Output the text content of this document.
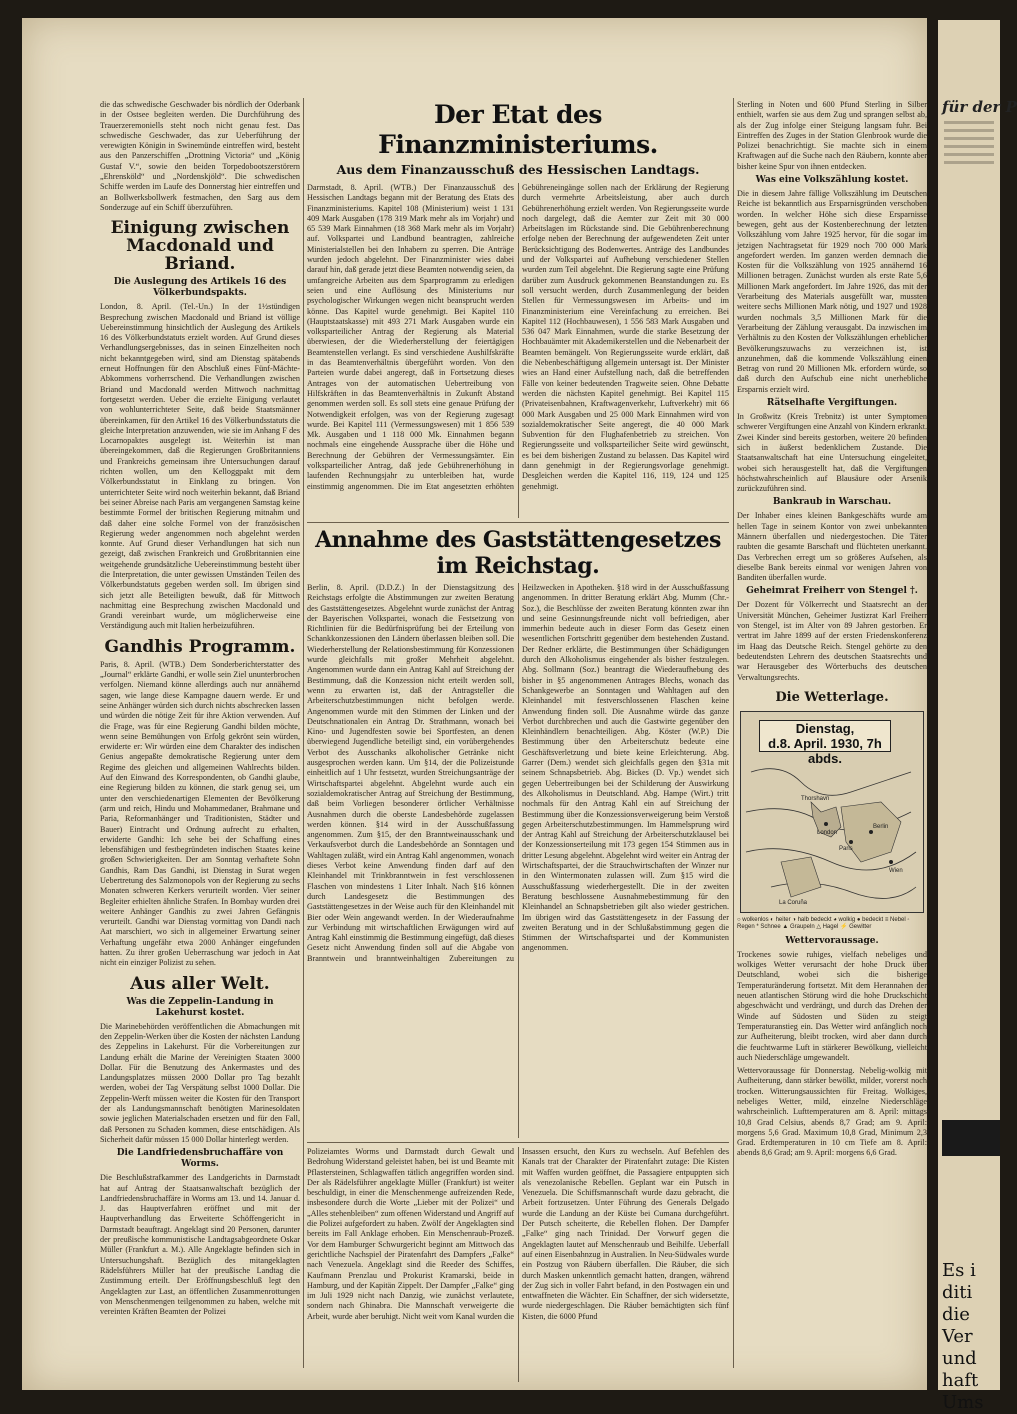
die das schwedische Geschwader bis nördlich der Oderbank in der Ostsee begleiten werden. Die Durchführung des Trauerzeremoniells steht noch nicht genau fest. Das schwedische Geschwader, das zur Ueberführung der verewigten Königin in Swinemünde eintreffen wird, besteht aus den Panzerschiffen „Drottning Victoria“ und „König Gustaf V.“, sowie den beiden Torpedobootszerstörern „Ehrensköld“ und „Nordenskjöld“. Die schwedischen Schiffe werden im Laufe des Donnerstag hier eintreffen und an Bollwerksbollwerk festmachen, den Sarg aus dem Sonderzuge auf ein Schiff überzuführen.

Einigung zwischen Macdonald und Briand.
Die Auslegung des Artikels 16 des Völkerbundspakts.

London, 8. April. (Tel.-Un.) In der 1½stündigen Besprechung zwischen Macdonald und Briand ist völlige Uebereinstimmung hinsichtlich der Auslegung des Artikels 16 des Völkerbundstatuts erzielt worden. Auf Grund dieses Verhandlungsergebnisses, das in seinen Einzelheiten noch nicht bekanntgegeben wird, sind am Dienstag spätabends erneut Hoffnungen für den Abschluß eines Fünf-Mächte-Abkommens vorherrschend. Die Verhandlungen zwischen Briand und Macdonald werden Mittwoch nachmittag fortgesetzt werden. Ueber die erzielte Einigung verlautet von wohlunterrichteter Seite, daß beide Staatsmänner übereinkamen, für den Artikel 16 des Völkerbundsstatuts die gleiche Interpretation anzuwenden, wie sie im Anhang F des Locarnopaktes ausgelegt ist. Weiterhin ist man übereingekommen, daß die Regierungen Großbritanniens und Frankreichs gemeinsam ihre Untersuchungen darauf richten wollen, um den Kelloggpakt mit dem Völkerbundsstatut in Einklang zu bringen. Von unterrichteter Seite wird noch weiterhin bekannt, daß Briand bei seiner Abreise nach Paris am vergangenen Samstag keine bestimmte Formel der britischen Regierung mitnahm und daß daher eine solche Formel von der französischen Regierung weder angenommen noch abgelehnt werden konnte. Auf Grund dieser Verhandlungen hat sich nun gezeigt, daß zwischen Frankreich und Großbritannien eine weitgehende grundsätzliche Uebereinstimmung besteht über die Interpretation, die unter gewissen Umständen Teilen des Völkerbundstatuts gegeben werden soll. Im übrigen sind sich jetzt alle Beteiligten bewußt, daß für Mittwoch nachmittag eine Besprechung zwischen Macdonald und Grandi vereinbart wurde, um möglicherweise eine Verständigung auch mit Italien herbeizuführen.

Gandhis Programm.

Paris, 8. April. (WTB.) Dem Sonderberichterstatter des „Journal“ erklärte Gandhi, er wolle sein Ziel ununterbrochen verfolgen. Niemand könne allerdings auch nur annähernd sagen, wie lange diese Kampagne dauern werde. Er und seine Anhänger würden sich durch nichts abschrecken lassen und würden die nötige Zeit für ihre Aktion verwenden. Auf die Frage, was für eine Regierung Gandhi bilden möchte, wenn seine Bemühungen von Erfolg gekrönt sein würden, erwiderte er: Wir würden eine dem Charakter des indischen Genius angepaßte demokratische Regierung unter dem Regime des gleichen und allgemeinen Wahlrechts bilden. Auf den Einwand des Korrespondenten, ob Gandhi glaube, eine Regierung bilden zu können, die stark genug sei, um unter den verschiedenartigen Elementen der Bevölkerung (arm und reich, Hindu und Mohammedaner, Brahmane und Paria, Reformanhänger und Traditionisten, Städter und Bauer) Eintracht und Ordnung aufrecht zu erhalten, erwiderte Gandhi: Ich sehe bei der Schaffung eines lebensfähigen und festbegründeten indischen Staates keine großen Schwierigkeiten. Der am Sonntag verhaftete Sohn Gandhis, Ram Das Gandhi, ist Dienstag in Surat wegen Uebertretung des Salzmonopols von der Regierung zu sechs Monaten schweren Kerkers verurteilt worden. Vier seiner Begleiter erhielten ähnliche Strafen. In Bombay wurden drei weitere Anhänger Gandhis zu zwei Jahren Gefängnis verurteilt. Gandhi war Dienstag vormittag von Dandi nach Aat marschiert, wo sich in allgemeiner Erwartung seiner Verhaftung ungefähr etwa 2000 Anhänger eingefunden hatten. Zu ihrer großen Ueberraschung war jedoch in Aat nicht ein einziger Polizist zu sehen.

Aus aller Welt.
Was die Zeppelin-Landung in Lakehurst kostet.

Die Marinebehörden veröffentlichen die Abmachungen mit den Zeppelin-Werken über die Kosten der nächsten Landung des Zeppelins in Lakehurst. Für die Vorbereitungen zur Landung erhält die Marine der Vereinigten Staaten 3000 Dollar. Für die Benutzung des Ankermastes und des Landungsplatzes müssen 2000 Dollar pro Tag bezahlt werden, wobei der Tag Verspätung selbst 1000 Dollar. Die Zeppelin-Werft müssen weiter die Kosten für den Transport der als Landungsmannschaft benötigten Marinesoldaten sowie jeglichen Materialschaden ersetzen und für den Fall, daß Personen zu Schaden kommen, diese entschädigen. Als Sicherheit dafür müssen 15 000 Dollar hinterlegt werden.

Die Landfriedensbruchaffäre von Worms.

Die Beschlußstrafkammer des Landgerichts in Darmstadt hat auf Antrag der Staatsanwaltschaft bezüglich der Landfriedensbruchaffäre in Worms am 13. und 14. Januar d. J. das Hauptverfahren eröffnet und mit der Hauptverhandlung das Erweiterte Schöffengericht in Darmstadt beauftragt. Angeklagt sind 20 Personen, darunter der preußische kommunistische Landtagsabgeordnete Oskar Müller (Frankfurt a. M.). Alle Angeklagte befinden sich in Untersuchungshaft. Bezüglich des mitangeklagten Rädelsführers Müller hat der preußische Landtag die Zustimmung erteilt. Der Eröffnungsbeschluß legt den Angeklagten zur Last, an öffentlichen Zusammenrottungen von Menschenmengen teilgenommen zu haben, welche mit vereinten Kräften Beamten der Polizei

Der Etat des Finanzministeriums.
Aus dem Finanzausschuß des Hessischen Landtags.

Darmstadt, 8. April. (WTB.) Der Finanzausschuß des Hessischen Landtags begann mit der Beratung des Etats des Finanzministeriums. Kapitel 108 (Ministerium) weist 1 131 409 Mark Ausgaben (178 319 Mark mehr als im Vorjahr) und 65 539 Mark Einnahmen (18 368 Mark mehr als im Vorjahr) auf. Volkspartei und Landbund beantragten, zahlreiche Ministerialstellen bei den Inhabern zu sperren. Die Anträge wurden jedoch abgelehnt. Der Finanzminister wies dabei darauf hin, daß gerade jetzt diese Beamten notwendig seien, da umfangreiche Arbeiten aus dem Sparprogramm zu erledigen seien und eine Auflösung des Ministeriums nur psychologischer Wirkungen wegen nicht beansprucht werden könne. Das Kapitel wurde genehmigt. Bei Kapitel 110 (Hauptstaatskasse) mit 493 271 Mark Ausgaben wurde ein volksparteilicher Antrag der Regierung als Material überwiesen, der die Wiederherstellung der feiertägigen Beamtenstellen verlangt. Es sind verschiedene Aushilfskräfte in das Beamtenverhältnis übergeführt worden. Von den Parteien wurde dabei angeregt, daß in Fortsetzung dieses Antrages von der automatischen Uebertreibung von Hilfskräften in das Beamtenverhältnis in Zukunft Abstand genommen werden soll. Es soll stets eine genaue Prüfung der Notwendigkeit erfolgen, was von der Regierung zugesagt wurde. Bei Kapitel 111 (Vermessungswesen) mit 1 856 539 Mk. Ausgaben und 1 118 000 Mk. Einnahmen begann nochmals eine eingehende Aussprache über die Höhe und Berechnung der Gebühren der Vermessungsämter. Ein volksparteilicher Antrag, daß jede Gebührenerhöhung in laufenden Rechnungsjahr zu unterbleiben hat, wurde einstimmig angenommen. Die im Etat angesetzten erhöhten Gebühreneingänge sollen nach der Erklärung der Regierung durch vermehrte Arbeitsleistung, aber auch durch Gebührenerhöhung erzielt werden. Von Regierungsseite wurde noch dargelegt, daß die Aemter zur Zeit mit 30 000 Arbeitslagen im Rückstande sind. Die Gebührenberechnung erfolge neben der Berechnung der aufgewendeten Zeit unter Berücksichtigung des Bodenwertes. Anträge des Landbundes und der Volkspartei auf Aufhebung verschiedener Stellen wurden zum Teil abgelehnt. Die Regierung sagte eine Prüfung darüber zum Ausdruck gekommenen Beanstandungen zu. Es soll versucht werden, durch Zusammenlegung der beiden Stellen für Vermessungswesen im Arbeits- und im Finanzministerium eine Vereinfachung zu erreichen. Bei Kapitel 112 (Hochbauwesen), 1 556 583 Mark Ausgaben und 536 047 Mark Einnahmen, wurde die starke Besetzung der Hochbauämter mit Akademikerstellen und die Nebenarbeit der Beamten bemängelt. Von Regierungsseite wurde erklärt, daß die Nebenbeschäftigung allgemein untersagt ist. Der Minister wies an Hand einer Aufstellung nach, daß die betreffenden Fälle von keiner bedeutenden Tragweite seien. Ohne Debatte werden die nächsten Kapitel genehmigt. Bei Kapitel 115 (Privateisenbahnen, Kraftwagenverkehr, Luftverkehr) mit 66 000 Mark Ausgaben und 25 000 Mark Einnahmen wird von sozialdemokratischer Seite angeregt, die 40 000 Mark Subvention für den Flughafenbetrieb zu streichen. Von Regierungsseite und volksparteilicher Seite wird gewünscht, es bei dem bisherigen Zustand zu belassen. Das Kapitel wird dann genehmigt in der Regierungsvorlage genehmigt. Desgleichen werden die Kapitel 116, 119, 124 und 125 genehmigt.

Annahme des Gaststättengesetzes im Reichstag.

Berlin, 8. April. (D.D.Z.) In der Dienstagsitzung des Reichstags erfolgte die Abstimmungen zur zweiten Beratung des Gaststättengesetzes. Abgelehnt wurde zunächst der Antrag der Bayerischen Volkspartei, wonach die Festsetzung von Richtlinien für die Bedürfnisprüfung bei der Erteilung von Schankkonzessionen den Ländern überlassen bleiben soll. Die Wiederherstellung der Relationsbestimmung für Konzessionen wurde gleichfalls mit großer Mehrheit abgelehnt. Angenommen wurde dann ein Antrag Kahl auf Streichung der Bestimmung, daß die Konzession nicht erteilt werden soll, wenn zu erwarten ist, daß der Antragsteller die Arbeiterschutzbestimmungen nicht befolgen werde. Angenommen wurde mit den Stimmen der Linken und der Deutschnationalen ein Antrag Dr. Strathmann, wonach bei Kino- und Jugendfesten sowie bei Sportfesten, an denen überwiegend Jugendliche beteiligt sind, ein vorübergehendes Verbot des Ausschanks alkoholischer Getränke nicht ausgesprochen werden kann. Um §14, der die Polizeistunde einheitlich auf 1 Uhr festsetzt, wurden Streichungsanträge der Wirtschaftspartei abgelehnt. Abgelehnt wurde auch ein sozialdemokratischer Antrag auf Streichung der Bestimmung, daß beim Vorliegen besonderer örtlicher Verhältnisse Ausnahmen durch die oberste Landesbehörde zugelassen werden können. §14 wird in der Ausschußfassung angenommen. Zum §15, der den Branntweinausschank und Verkaufsverbot durch die Landesbehörde an Sonntagen und Wahltagen zuläßt, wird ein Antrag Kahl angenommen, wonach dieses Verbot keine Anwendung finden darf auf den Kleinhandel mit Trinkbranntwein in fest verschlossenen Flaschen von mindestens 1 Liter Inhalt. Nach §16 können durch Landesgesetz die Bestimmungen des Gaststättengesetzes in der Weise auch für den Kleinhandel mit Bier oder Wein angewandt werden. In der Wiederaufnahme zur Verbindung mit wirtschaftlichen Erwägungen wird auf Antrag Kahl einstimmig die Bestimmung eingefügt, daß dieses Gesetz nicht Anwendung finden soll auf die Abgabe von Branntwein und branntweinhaltigen Zubereitungen zu Heilzwecken in Apotheken. §18 wird in der Ausschußfassung angenommen. In dritter Beratung erklärt Abg. Mumm (Chr.-Soz.), die Beschlüsse der zweiten Beratung könnten zwar ihn und seine Gesinnungsfreunde nicht voll befriedigen, aber immerhin bedeute auch in dieser Form das Gesetz einen wesentlichen Fortschritt gegenüber dem bestehenden Zustand. Der Redner erklärte, die Bestimmungen über Schädigungen durch den Alkoholismus eingehender als bisher festzulegen. Abg. Sollmann (Soz.) beantragt die Wiederaufhebung des bisher in §5 angenommenen Antrages Blechs, wonach das Schankgewerbe an Sonntagen und Wahltagen auf den Kleinhandel mit festverschlossenen Flaschen keine Anwendung finden soll. Die Ausnahme würde das ganze Verbot durchbrechen und auch die Gastwirte gegenüber den Kleinhändlern benachteiligen. Abg. Köster (W.P.) Die Bestimmung über den Arbeiterschutz bedeute eine Geschäftsverletzung und biete keine Erleichterung. Abg. Garrer (Dem.) wendet sich gleichfalls gegen den §31a mit seinem Schnapsbetrieb. Abg. Bickes (D. Vp.) wendet sich gegen Uebertreibungen bei der Schilderung der Auswirkung des Alkoholismus in Deutschland. Abg. Hampe (Wirt.) tritt nochmals für den Antrag Kahl ein auf Streichung der Bestimmung über die Konzessionsverweigerung beim Verstoß gegen Arbeiterschutzbestimmungen. Im Hammelsprung wird der Antrag Kahl auf Streichung der Arbeiterschutzklausel bei der Konzessionserteilung mit 173 gegen 154 Stimmen aus in dritter Lesung abgelehnt. Abgelehnt wird weiter ein Antrag der Wirtschaftspartei, der die Strauchwirtschaften der Winzer nur in den Wintermonaten zulassen will. Zum §15 wird die Ausschußfassung wiederhergestellt. Die in der zweiten Beratung beschlossene Ausnahmebestimmung für den Kleinhandel an Schnapsbetrieben gilt also wieder gestrichen. Im übrigen wird das Gaststättengesetz in der Fassung der zweiten Beratung und in der Schlußabstimmung gegen die Stimmen der Wirtschaftspartei und der Kommunisten angenommen.

Polizeiamtes Worms und Darmstadt durch Gewalt und Bedrohung Widerstand geleistet haben, bei ist und Beamte mit Pflastersteinen, Schlagwaffen tätlich angegriffen worden sind. Der als Rädelsführer angeklagte Müller (Frankfurt) ist weiter beschuldigt, in einer die Menschenmenge aufreizenden Rede, insbesondere durch die Worte „Lieber mit der Polizei“ und „Alles stehenbleiben“ zum offenen Widerstand und Angriff auf die Polizei aufgefordert zu haben. Zwölf der Angeklagten sind bereits im Fall Anklage erhoben. Ein Menschenraub-Prozeß. Vor dem Hamburger Schwurgericht beginnt am Mittwoch das gerichtliche Nachspiel der Piratenfahrt des Dampfers „Falke“ nach Venezuela. Angeklagt sind die Reeder des Schiffes, Kaufmann Prenzlau und Prokurist Kramarski, beide in Hamburg, und der Kapitän Zippelt. Der Dampfer „Falke“ ging im Juli 1929 nicht nach Danzig, wie zunächst verlautete, sondern nach Ghinabra. Die Mannschaft verweigerte die Arbeit, wurde aber beruhigt. Nicht weit vom Kanal wurden die Insassen ersucht, den Kurs zu wechseln. Auf Befehlen des Kanals trat der Charakter der Piratenfahrt zutage: Die Kisten mit Waffen wurden geöffnet, die Passagiere entpuppten sich als venezolanische Rebellen. Geplant war ein Putsch in Venezuela. Die Schiffsmannschaft wurde dazu gebracht, die Arbeit fortzusetzen. Unter Führung des Generals Delgado wurde die Landung an der Küste bei Cumana durchgeführt. Der Putsch scheiterte, die Rebellen flohen. Der Dampfer „Falke“ ging nach Trinidad. Der Vorwurf gegen die Angeklagten lautet auf Menschenraub und Beihilfe. Ueberfall auf einen Eisenbahnzug in Australien. In Neu-Südwales wurde ein Postzug von Räubern überfallen. Die Räuber, die sich durch Masken unkenntlich gemacht hatten, drangen, während der Zug sich in voller Fahrt befand, in den Postwagen ein und entwaffneten die Wächter. Ein Schaffner, der sich widersetzte, wurde niedergeschlagen. Die Räuber bemächtigten sich fünf Kisten, die 6000 Pfund

Sterling in Noten und 600 Pfund Sterling in Silber enthielt, warfen sie aus dem Zug und sprangen selbst ab, als der Zug infolge einer Steigung langsam fuhr. Bei Eintreffen des Zuges in der Station Glenbrook wurde die Polizei benachrichtigt. Sie machte sich in einem Kraftwagen auf die Suche nach den Räubern, konnte aber bisher keine Spur von ihnen entdecken.

Was eine Volkszählung kostet.

Die in diesem Jahre fällige Volkszählung im Deutschen Reiche ist bekanntlich aus Ersparnisgründen verschoben worden. In welcher Höhe sich diese Ersparnisse bewegen, geht aus der Kostenberechnung der letzten Volkszählung vom Jahre 1925 hervor, für die sogar im jetzigen Nachtragsetat für 1929 noch 700 000 Mark angefordert werden. Im ganzen werden demnach die Kosten für die Volkszählung von 1925 annähernd 16 Millionen betragen. Zunächst wurden als erste Rate 5,6 Millionen Mark angefordert. Im Jahre 1926, das mit der Verarbeitung des Materials ausgefüllt war, mussten weitere sechs Millionen Mark nötig, und 1927 und 1928 wurden nochmals 3,5 Millionen Mark für die Verarbeitung der Zählung verausgabt. Da inzwischen im Verhältnis zu den Kosten der Volkszählungen erheblicher Bevölkerungszuwachs zu verzeichnen ist, ist anzunehmen, daß die kommende Volkszählung einen Betrag von rund 20 Millionen Mk. erfordern würde, so daß durch den Aufschub eine nicht unerhebliche Ersparnis erzielt wird.

Rätselhafte Vergiftungen.

In Großwitz (Kreis Trebnitz) ist unter Symptomen schwerer Vergiftungen eine Anzahl von Kindern erkrankt. Zwei Kinder sind bereits gestorben, weitere 20 befinden sich in äußerst bedenklichem Zustande. Die Staatsanwaltschaft hat eine Untersuchung eingeleitet, wobei sich herausgestellt hat, daß die Vergiftungen höchstwahrscheinlich auf Blausäure oder Arsenik zurückzuführen sind.

Bankraub in Warschau.

Der Inhaber eines kleinen Bankgeschäfts wurde am hellen Tage in seinem Kontor von zwei unbekannten Männern überfallen und niedergestochen. Die Täter raubten die gesamte Barschaft und flüchteten unerkannt. Das Verbrechen erregt um so größeres Aufsehen, als dieselbe Bank bereits einmal vor wenigen Jahren von Banditen überfallen wurde.

Geheimrat Freiherr von Stengel †.

Der Dozent für Völkerrecht und Staatsrecht an der Universität München, Geheimer Justizrat Karl Freiherr von Stengel, ist im Alter von 89 Jahren gestorben. Er vertrat im Jahre 1899 auf der ersten Friedenskonferenz im Haag das Deutsche Reich. Stengel gehörte zu den bedeutendsten Lehrern des deutschen Staatsrechts und war Herausgeber des Wörterbuchs des deutschen Verwaltungsrechts.

Die Wetterlage.
Dienstag,
d.8. April. 1930, 7h abds.
Thorshavn
London
Paris
Wien
La Coruña
Berlin

○ wolkenlos ◐ heiter ◑ halb bedeckt ◕ wolkig ● bedeckt ≡ Nebel ◦ Regen * Schnee ▲ Graupeln △ Hagel ⚡ Gewitter

Wettervoraussage.

Trockenes sowie ruhiges, vielfach nebeliges und wolkiges Wetter verursacht der hohe Druck über Deutschland, wobei sich die bisherige Temperaturänderung fortsetzt. Mit dem Herannahen der neuen atlantischen Störung wird die hohe Druckschicht abgeschwächt und verdrängt, und durch das Drehen der Winde auf Südosten und Süden zu steigt Temperaturanstieg ein. Das Wetter wird anfänglich noch zur Aufheiterung, bleibt trocken, wird aber dann durch die feuchtwarme Luft in stärkerer Bewölkung, vielleicht auch Niederschläge umgewandelt.

Wettervoraussage für Donnerstag. Nebelig-wolkig mit Aufheiterung, dann stärker bewölkt, milder, vorerst noch trocken. Witterungsaussichten für Freitag. Wolkiges, nebeliges Wetter, mild, einzelne Niederschläge wahrscheinlich. Lufttemperaturen am 8. April: mittags 10,8 Grad Celsius, abends 8,7 Grad; am 9. April: morgens 5,6 Grad. Maximum 10,8 Grad, Minimum 2,3 Grad. Erdtemperaturen in 10 cm Tiefe am 8. April: abends 8,6 Grad; am 9. April: morgens 6,6 Grad.

für der P
Es i diti die Ver und haft Ums
